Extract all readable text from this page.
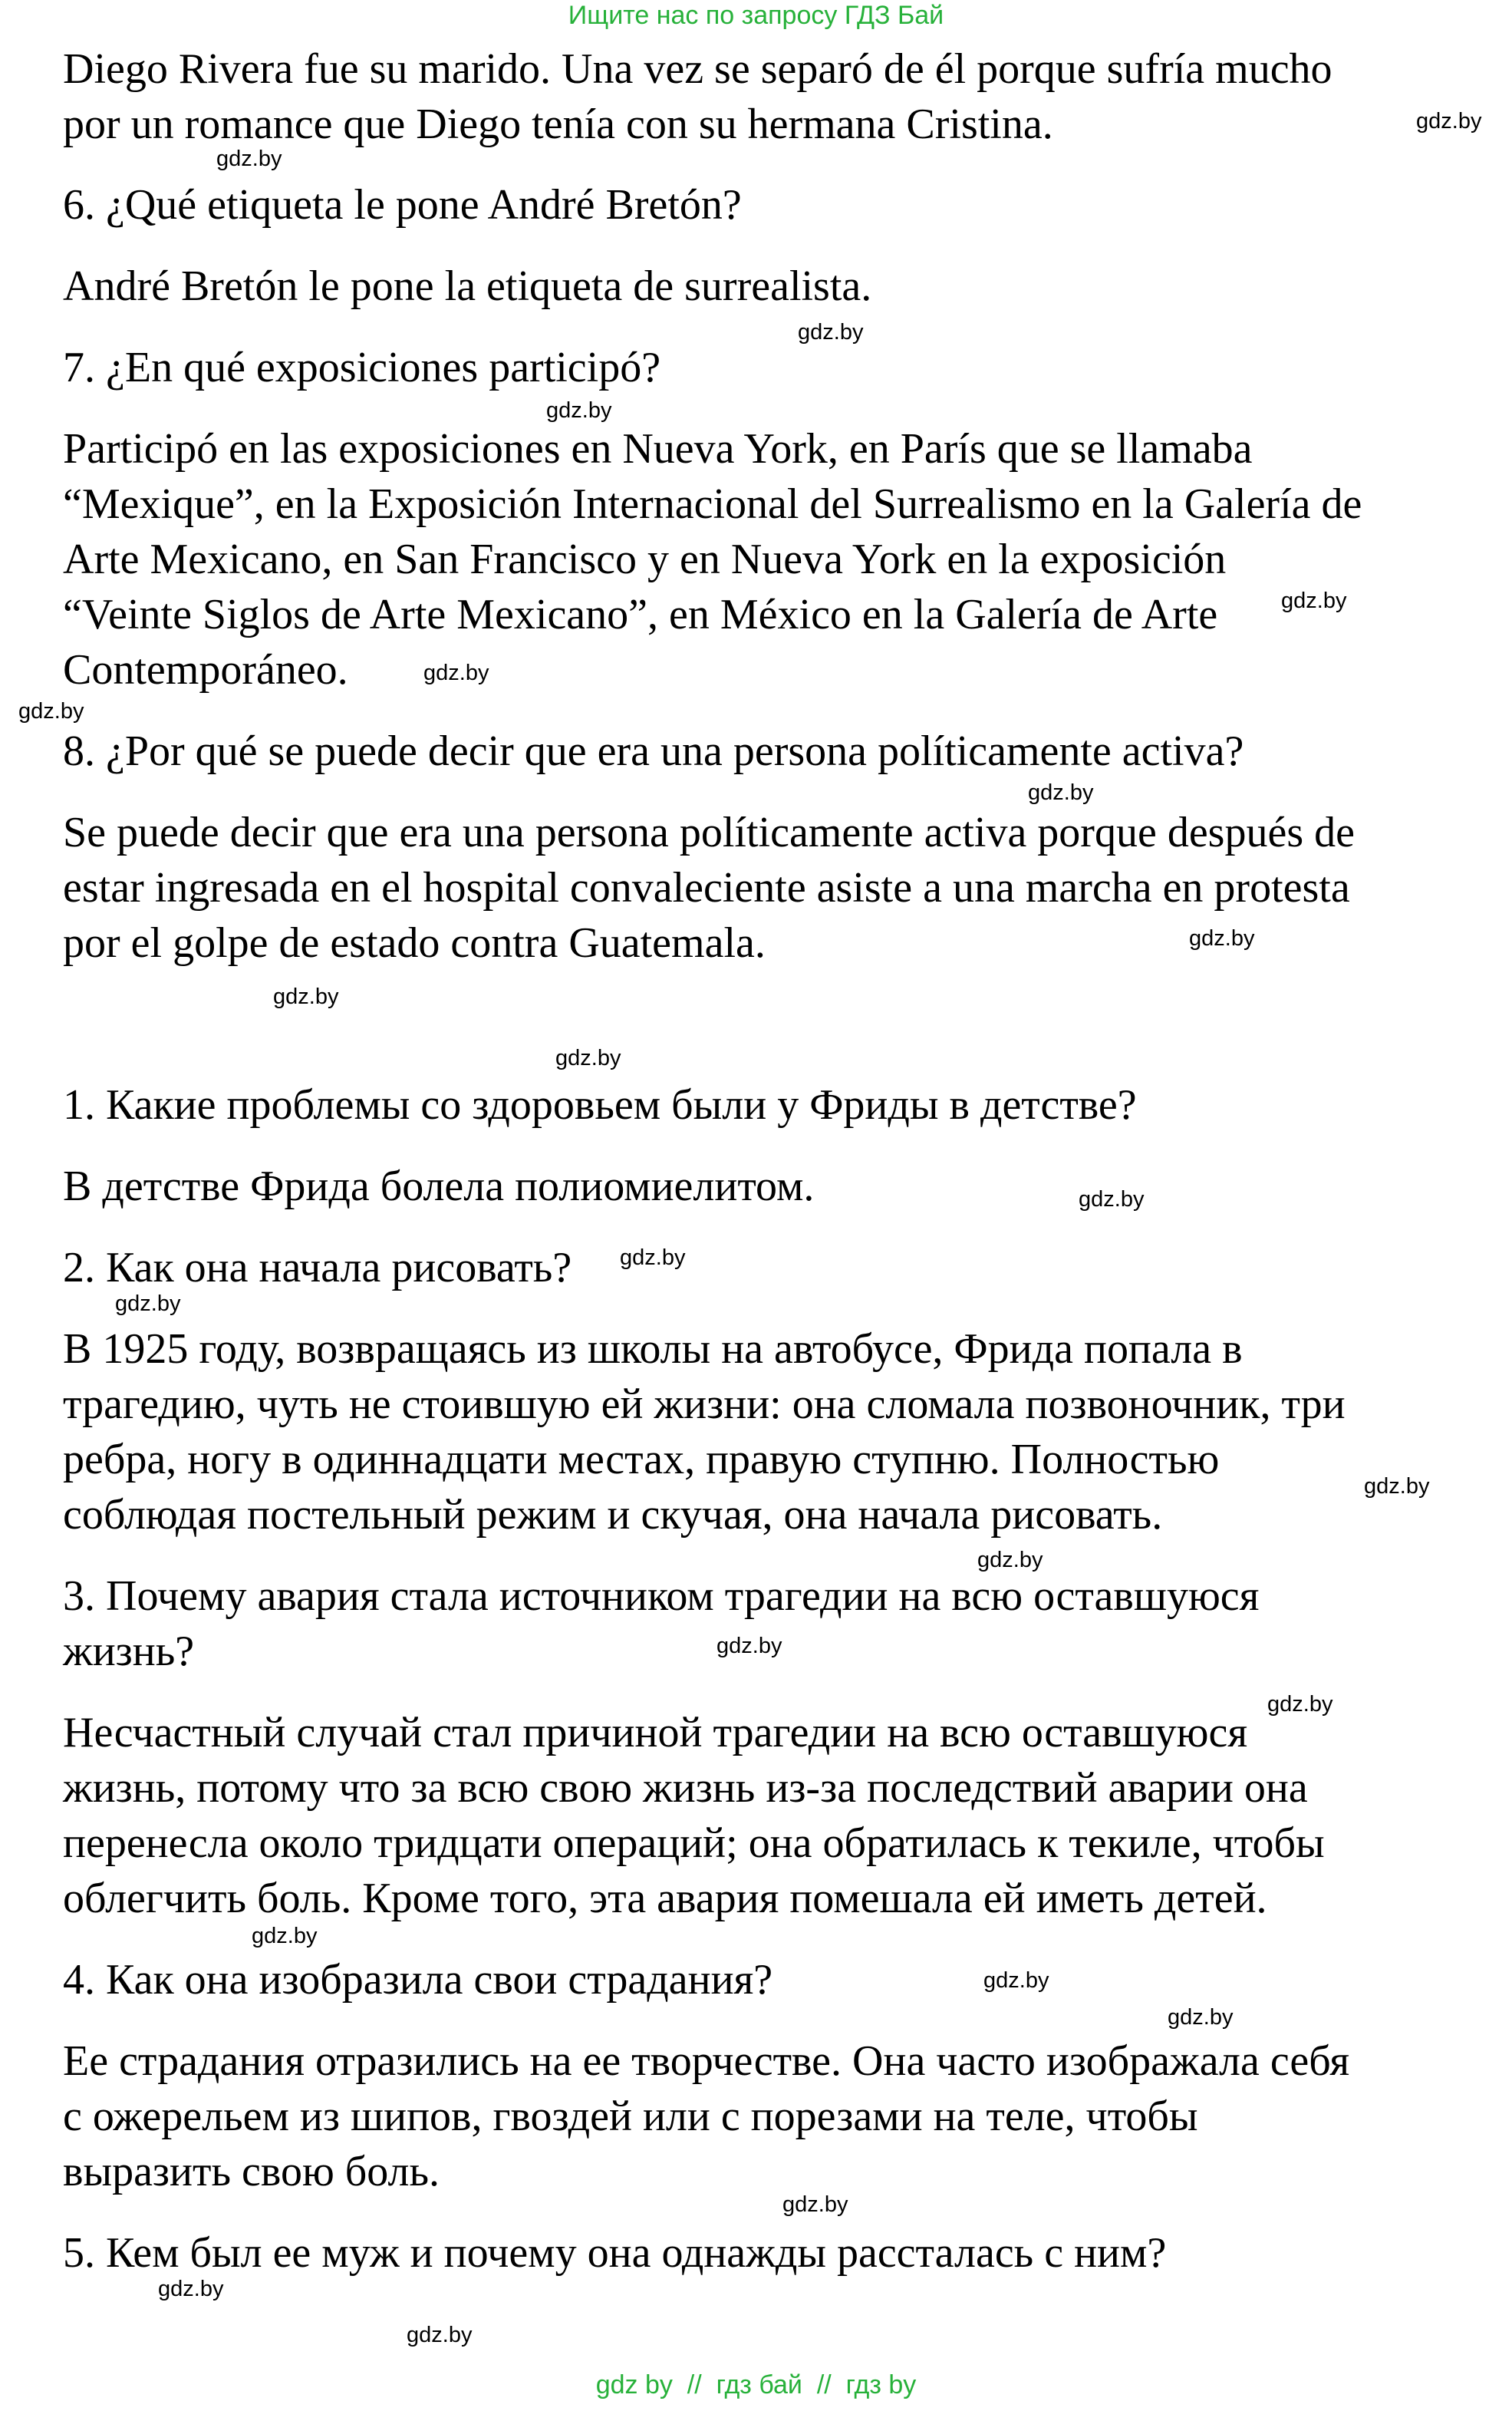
Ищите нас по запросу ГДЗ Бай

Diego Rivera fue su marido. Una vez se separó de él porque sufría mucho

por un romance que Diego tenía con su hermana Cristina.

6. ¿Qué etiqueta le pone André Bretón?

André Bretón le pone la etiqueta de surrealista.

7. ¿En qué exposiciones participó?

Participó en las exposiciones en Nueva York, en París que se llamaba

“Mexique”, en la Exposición Internacional del Surrealismo en la Galería de

Arte Mexicano, en San Francisco y en Nueva York en la exposición

“Veinte Siglos de Arte Mexicano”, en México en la Galería de Arte

Contemporáneo.

8. ¿Por qué se puede decir que era una persona políticamente activa?

Se puede decir que era una persona políticamente activa porque después de

estar ingresada en el hospital convaleciente asiste a una marcha en protesta

por el golpe de estado contra Guatemala.

1. Какие проблемы со здоровьем были у Фриды в детстве?

В детстве Фрида болела полиомиелитом.

2. Как она начала рисовать?

В 1925 году, возвращаясь из школы на автобусе, Фрида попала в

трагедию, чуть не стоившую ей жизни: она сломала позвоночник, три

ребра, ногу в одиннадцати местах, правую ступню. Полностью

соблюдая постельный режим и скучая, она начала рисовать.

3. Почему авария стала источником трагедии на всю оставшуюся

жизнь?

Несчастный случай стал причиной трагедии на всю оставшуюся

жизнь, потому что за всю свою жизнь из-за последствий аварии она

перенесла около тридцати операций; она обратилась к текиле, чтобы

облегчить боль. Кроме того, эта авария помешала ей иметь детей.

4. Как она изобразила свои страдания?

Ее страдания отразились на ее творчестве. Она часто изображала себя

с ожерельем из шипов, гвоздей или с порезами на теле, чтобы

выразить свою боль.

5. Кем был ее муж и почему она однажды рассталась с ним?

gdz.by
gdz.by
gdz.by
gdz.by
gdz.by
gdz.by
gdz.by
gdz.by
gdz.by
gdz.by
gdz.by
gdz.by
gdz.by
gdz.by
gdz.by
gdz.by
gdz.by
gdz.by
gdz.by
gdz.by
gdz.by
gdz.by
gdz.by
gdz.by
gdz by  //  гдз бай  //  гдз by
